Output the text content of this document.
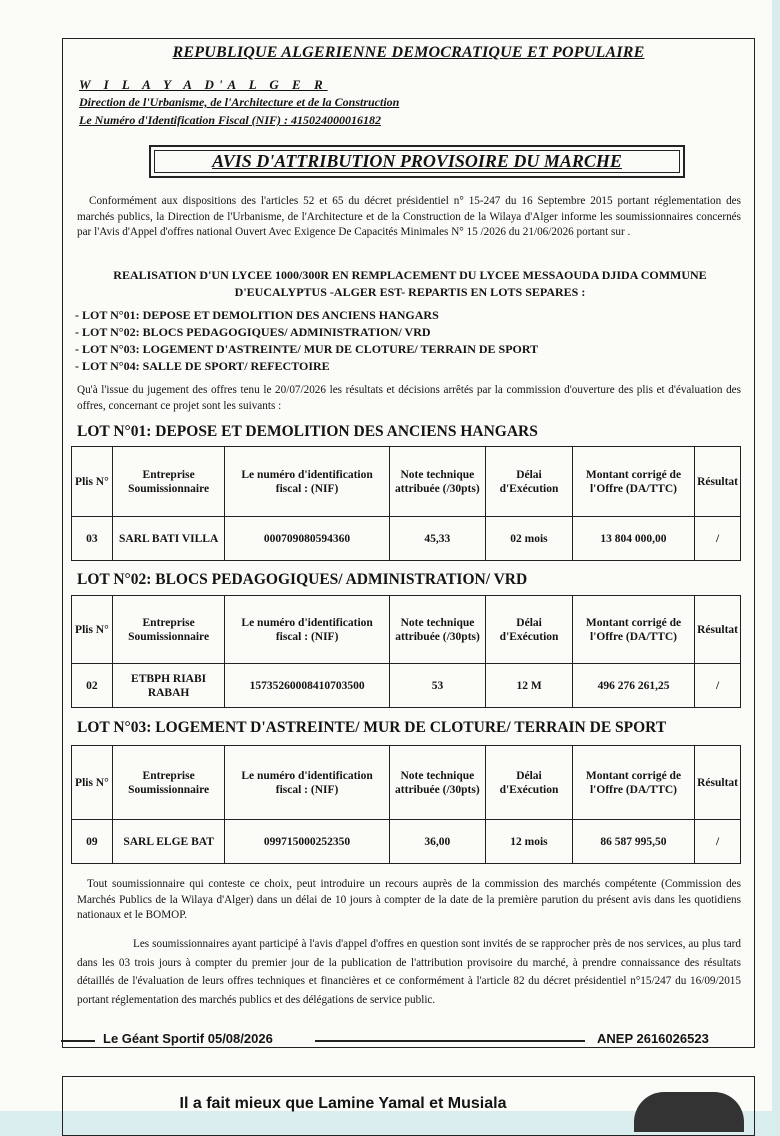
REPUBLIQUE ALGERIENNE DEMOCRATIQUE ET POPULAIRE
W I L A Y A D'A L G E R
Direction de l'Urbanisme, de l'Architecture et de la Construction
Le Numéro d'Identification Fiscal (NIF) : 415024000016182
AVIS D'ATTRIBUTION PROVISOIRE DU MARCHE
Conformément aux dispositions des l'articles 52 et 65 du décret présidentiel n° 15-247 du 16 Septembre 2015 portant réglementation des marchés publics, la Direction de l'Urbanisme, de l'Architecture et de la Construction de la Wilaya d'Alger informe les soumissionnaires concernés par l'Avis d'Appel d'offres national Ouvert Avec Exigence De Capacités Minimales N° 15 /2026 du 21/06/2026 portant sur .
REALISATION D'UN LYCEE 1000/300R EN REMPLACEMENT DU LYCEE MESSAOUDA DJIDA COMMUNE
D'EUCALYPTUS -ALGER EST- REPARTIS EN LOTS SEPARES :
- LOT N°01: DEPOSE ET DEMOLITION DES ANCIENS HANGARS
- LOT N°02: BLOCS PEDAGOGIQUES/ ADMINISTRATION/ VRD
- LOT N°03: LOGEMENT D'ASTREINTE/ MUR DE CLOTURE/ TERRAIN DE SPORT
- LOT N°04: SALLE DE SPORT/ REFECTOIRE
Qu'à l'issue du jugement des offres tenu le 20/07/2026 les résultats et décisions arrêtés par la commission d'ouverture des plis et d'évaluation des offres, concernant ce projet sont les suivants :
LOT N°01: DEPOSE ET DEMOLITION DES ANCIENS HANGARS
Plis N°	Entreprise Soumissionnaire	Le numéro d'identification fiscal : (NIF)	Note technique attribuée (/30pts)	Délai d'Exécution	Montant corrigé de l'Offre (DA/TTC)	Résultat
03	SARL BATI VILLA	000709080594360	45,33	02 mois	13 804 000,00	/
LOT N°02: BLOCS PEDAGOGIQUES/ ADMINISTRATION/ VRD
Plis N°	Entreprise Soumissionnaire	Le numéro d'identification fiscal : (NIF)	Note technique attribuée (/30pts)	Délai d'Exécution	Montant corrigé de l'Offre (DA/TTC)	Résultat
02	ETBPH RIABI RABAH	15735260008410703500	53	12 M	496 276 261,25	/
LOT N°03: LOGEMENT D'ASTREINTE/ MUR DE CLOTURE/ TERRAIN DE SPORT
Plis N°	Entreprise Soumissionnaire	Le numéro d'identification fiscal : (NIF)	Note technique attribuée (/30pts)	Délai d'Exécution	Montant corrigé de l'Offre (DA/TTC)	Résultat
09	SARL ELGE BAT	099715000252350	36,00	12 mois	86 587 995,50	/
Tout soumissionnaire qui conteste ce choix, peut introduire un recours auprès de la commission des marchés compétente (Commission des Marchés Publics de la Wilaya d'Alger) dans un délai de 10 jours à compter de la date de la première parution du présent avis dans les quotidiens nationaux et le BOMOP.
Les soumissionnaires ayant participé à l'avis d'appel d'offres en question sont invités de se rapprocher près de nos services, au plus tard dans les 03 trois jours à compter du premier jour de la publication de l'attribution provisoire du marché, à prendre connaissance des résultats détaillés de l'évaluation de leurs offres techniques et financières et ce conformément à l'article 82 du décret présidentiel n°15/247 du 16/09/2015 portant réglementation des marchés publics et des délégations de service public.
Le Géant Sportif 05/08/2026	ANEP 2616026523
Il a fait mieux que Lamine Yamal et Musiala
